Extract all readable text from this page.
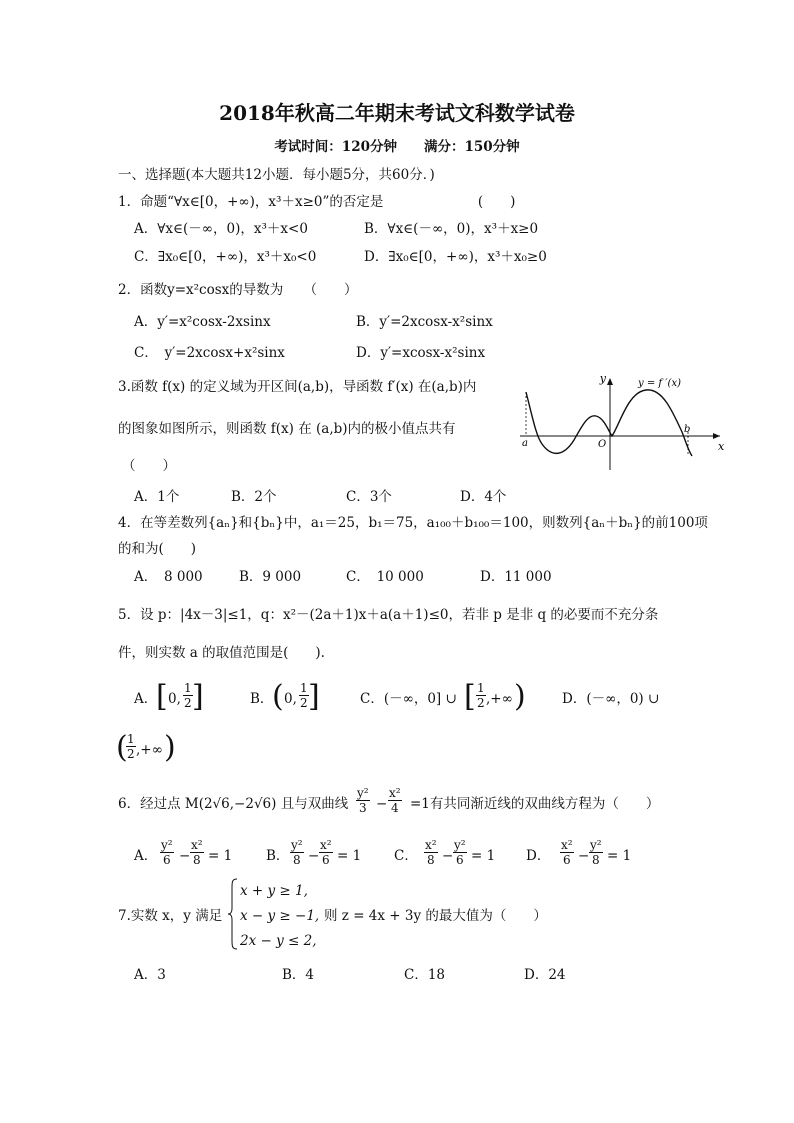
2018年秋高二年期末考试文科数学试卷
考试时间：120分钟　　满分：150分钟
一、选择题(本大题共12小题．每小题5分，共60分．)
1．命题“∀x∈[0，+∞)，x³＋x≥0”的否定是　　　　　　　(　　)
A．∀x∈(－∞，0)，x³＋x<0	B．∀x∈(－∞，0)，x³＋x≥0
C．∃x₀∈[0，+∞)，x³＋x₀<0	D．∃x₀∈[0，+∞)，x³＋x₀≥0
2．函数y=x²cosx的导数为　　（　　）
A．y′=x²cosx-2xsinx	B．y′=2xcosx-x²sinx
C．　y′=2xcosx+x²sinx	D．y′=xcosx-x²sinx
3.函数 f(x) 的定义域为开区间(a,b)，导函数 f′(x) 在(a,b)内
的图象如图所示，则函数 f(x) 在 (a,b)内的极小值点共有
（　　）
A．1个	B．2个	C．3个	D．4个
y
x
a	O
b
y = f ′(x)
4．在等差数列{aₙ}和{bₙ}中，a₁＝25，b₁＝75，a₁₀₀＋b₁₀₀＝100，则数列{aₙ＋bₙ}的前100项
的和为(　　)
A．　8 000	B．9 000	C．　10 000	D．11 000
5．设 p：|4x－3|≤1，q：x²－(2a＋1)x＋a(a＋1)≤0，若非 p 是非 q 的必要而不充分条
件，则实数 a 的取值范围是(　　).
A．
[ 0, $\frac{1}{2}$ ]	B．
( 0, $\frac{1}{2}$ ]	C．(－∞，0] ∪ [ $\frac{1}{2}$ ,+∞ )	D．(－∞，0) ∪
(
$\frac{1}{2}$ ,+∞ )
6．经过点 M(2√6,−2√6) 且与双曲线 $\frac{\text{y²}}{3} - \frac{\text{x²}}{4} =1$有共同渐近线的双曲线方程为（　　）
A． $\frac{\text{y²}}{6} - \frac{\text{x²}}{8} = 1$	B． $\frac{\text{y²}}{8} - \frac{\text{x²}}{6} = 1$ C． $\frac{\text{x²}}{8} - \frac{\text{y²}}{6} = 1$ D． $\frac{\text{x²}}{6} - \frac{\text{y²}}{8} = 1$
7.实数 x，y 满足
x + y ≥ 1,
x − y ≥ −1,
2x − y ≤ 2,
则 z = 4x + 3y 的最大值为（　　）
A．3	B．4	C．18	D．24
